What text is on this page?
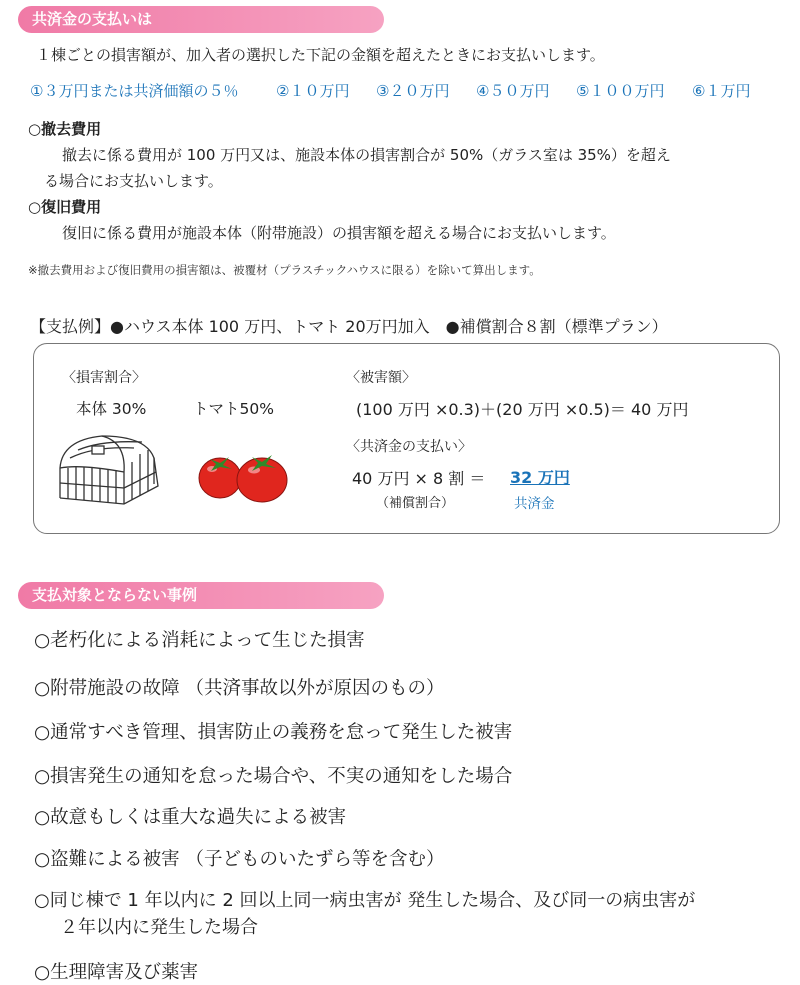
共済金の支払いは
１棟ごとの損害額が、加入者の選択した下記の金額を超えたときにお支払いします。
①３万円または共済価額の５％	②１０万円 ③２０万円 ④５０万円 ⑤１００万円 ⑥１万円
○撤去費用
撤去に係る費用が 100 万円又は、施設本体の損害割合が 50%（ガラス室は 35%）を超え
る場合にお支払いします。
○復旧費用
復旧に係る費用が施設本体（附帯施設）の損害額を超える場合にお支払いします。
※撤去費用および復旧費用の損害額は、被覆材（プラスチックハウスに限る）を除いて算出します。
【支払例】●ハウス本体 100 万円、トマト 20万円加入　●補償割合８割（標準プラン）
〈損害割合〉
本体 30%	トマト50%
〈被害額〉
(100 万円 ×0.3)＋(20 万円 ×0.5)＝ 40 万円
〈共済金の支払い〉
40 万円 × 8 割 ＝ 32 万円
（補償割合）	共済金
支払対象とならない事例
○老朽化による消耗によって生じた損害
○附帯施設の故障 （共済事故以外が原因のもの）
○通常すべき管理、損害防止の義務を怠って発生した被害
○損害発生の通知を怠った場合や、不実の通知をした場合
○故意もしくは重大な過失による被害
○盗難による被害 （子どものいたずら等を含む）
○同じ棟で 1 年以内に 2 回以上同一病虫害が 発生した場合、及び同一の病虫害が
２年以内に発生した場合
○生理障害及び薬害
